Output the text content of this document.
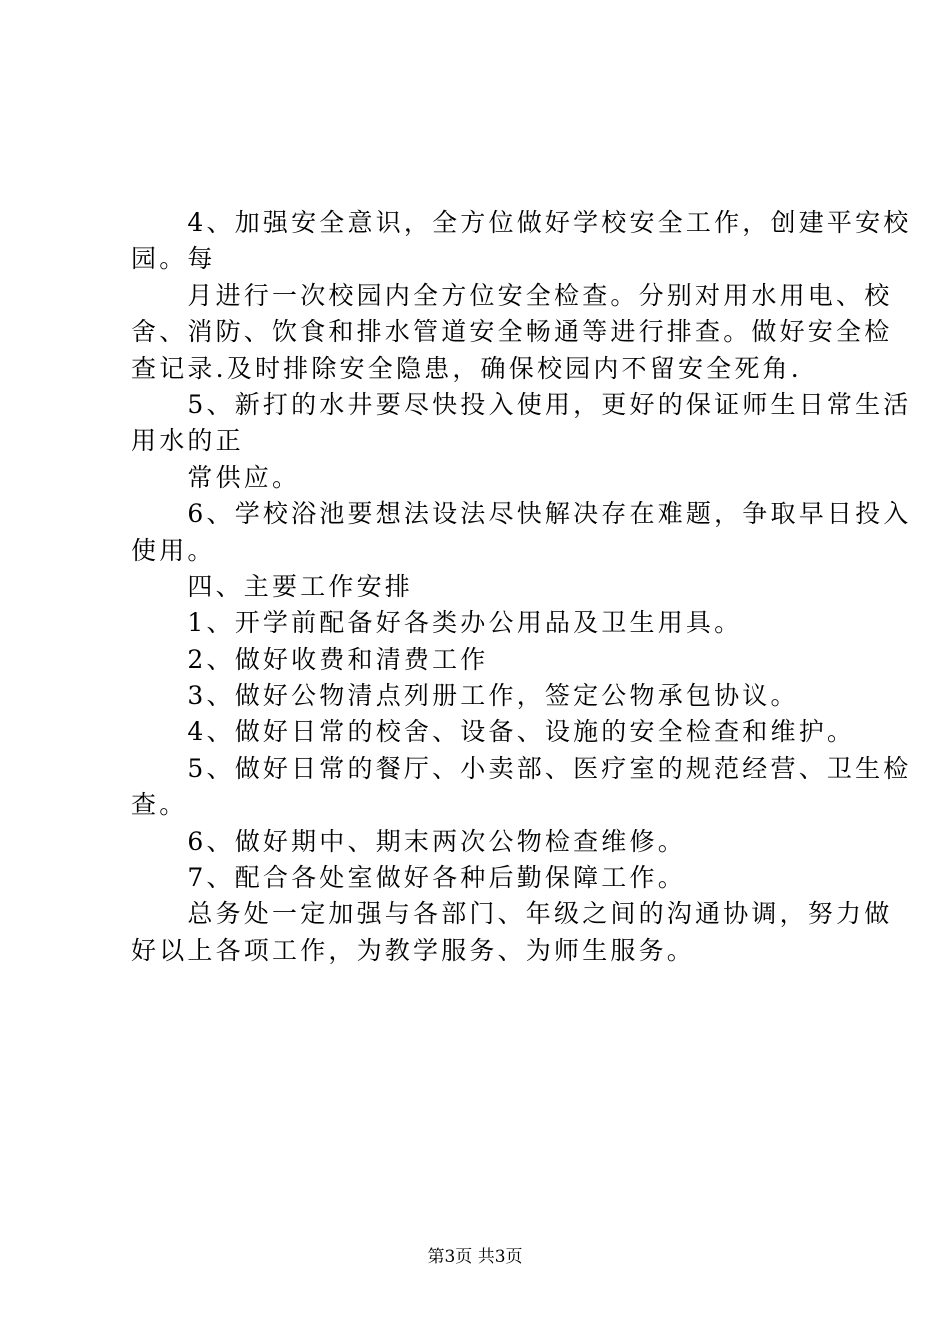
　　4、加强安全意识，全方位做好学校安全工作，创建平安校
园。每
　　月进行一次校园内全方位安全检查。分别对用水用电、校
舍、消防、饮食和排水管道安全畅通等进行排查。做好安全检
查记录.及时排除安全隐患，确保校园内不留安全死角.
　　5、新打的水井要尽快投入使用，更好的保证师生日常生活
用水的正
　　常供应。
　　6、学校浴池要想法设法尽快解决存在难题，争取早日投入
使用。
　　四、主要工作安排
　　1、开学前配备好各类办公用品及卫生用具。
　　2、做好收费和清费工作
　　3、做好公物清点列册工作，签定公物承包协议。
　　4、做好日常的校舍、设备、设施的安全检查和维护。
　　5、做好日常的餐厅、小卖部、医疗室的规范经营、卫生检
查。
　　6、做好期中、期末两次公物检查维修。
　　7、配合各处室做好各种后勤保障工作。
　　总务处一定加强与各部门、年级之间的沟通协调，努力做
好以上各项工作，为教学服务、为师生服务。
第3页 共3页
